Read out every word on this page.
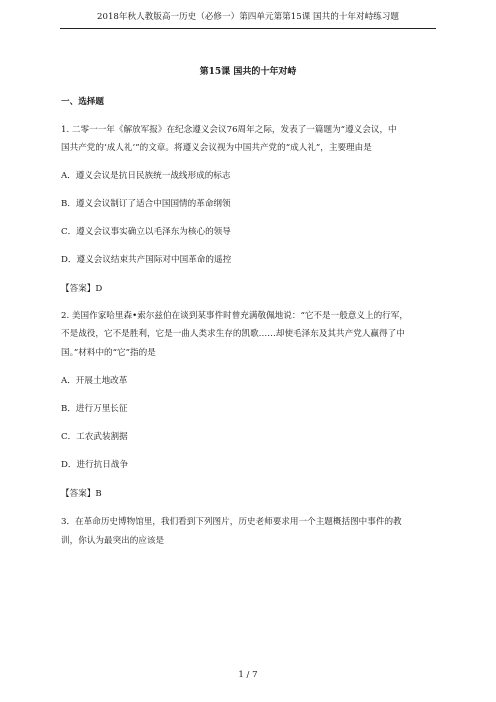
2018年秋人教版高一历史（必修一）第四单元第第15课 国共的十年对峙练习题
第15课 国共的十年对峙
一、选择题
1. 二零一一年《解放军报》在纪念遵义会议76周年之际，发表了一篇题为“遵义会议，中
国共产党的‘成人礼’”的文章。将遵义会议视为中国共产党的“成人礼”，主要理由是
A．遵义会议是抗日民族统一战线形成的标志
B．遵义会议制订了适合中国国情的革命纲领
C．遵义会议事实确立以毛泽东为核心的领导
D．遵义会议结束共产国际对中国革命的遥控
【答案】D
2. 美国作家哈里森•索尔兹伯在谈到某事件时曾充满敬佩地说：“它不是一般意义上的行军，
不是战役，它不是胜利，它是一曲人类求生存的凯歌……却使毛泽东及其共产党人赢得了中
国。”材料中的“它”指的是
A．开展土地改革
B．进行万里长征
C．工农武装割据
D．进行抗日战争
【答案】B
3．在革命历史博物馆里，我们看到下列图片，历史老师要求用一个主题概括图中事件的教
训，你认为最突出的应该是
1 / 7
